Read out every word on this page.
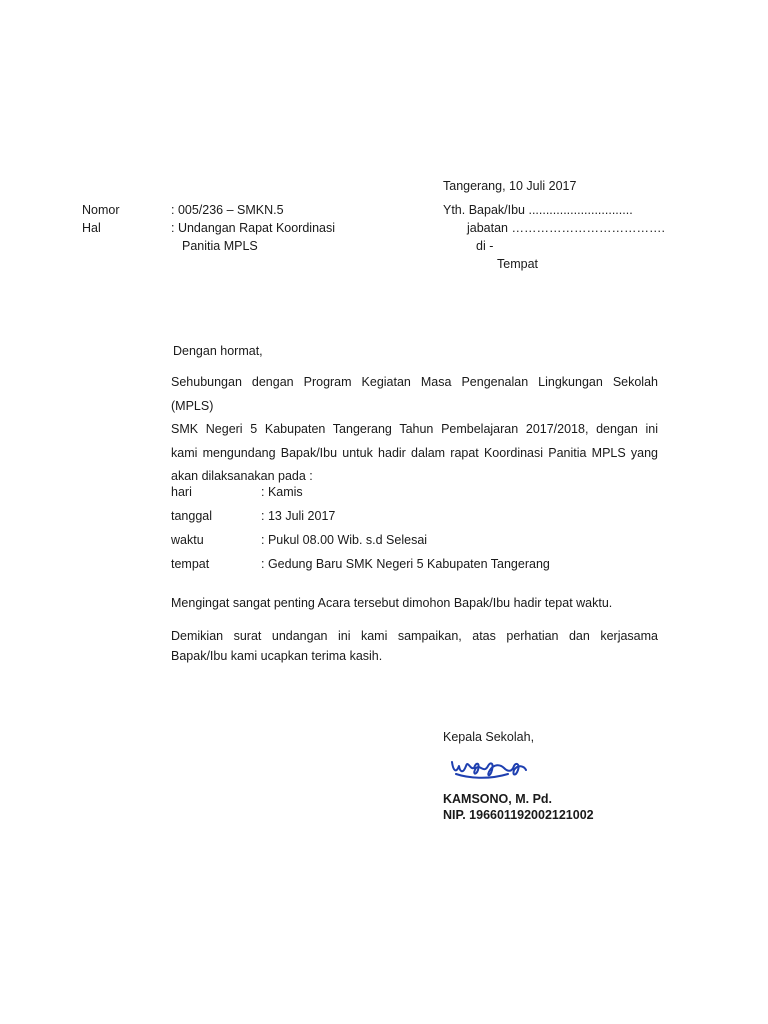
Tangerang, 10 Juli 2017
Nomor	: 005/236 – SMKN.5
Hal	: Undangan Rapat Koordinasi
Panitia MPLS
Yth. Bapak/Ibu ..............................
jabatan ……………………………….
di -
Tempat
Dengan hormat,
Sehubungan dengan Program Kegiatan Masa Pengenalan Lingkungan Sekolah (MPLS)
SMK Negeri 5 Kabupaten Tangerang Tahun Pembelajaran 2017/2018, dengan ini
kami mengundang Bapak/Ibu untuk hadir dalam rapat Koordinasi Panitia MPLS yang
akan dilaksanakan pada :
hari	: Kamis
tanggal	: 13 Juli 2017
waktu	: Pukul 08.00 Wib. s.d Selesai
tempat	: Gedung Baru SMK Negeri 5 Kabupaten Tangerang
Mengingat sangat penting Acara tersebut dimohon Bapak/Ibu hadir tepat waktu.
Demikian surat undangan ini kami sampaikan, atas perhatian dan kerjasama
Bapak/Ibu kami ucapkan terima kasih.
Kepala Sekolah,
KAMSONO, M. Pd.
NIP. 196601192002121002
